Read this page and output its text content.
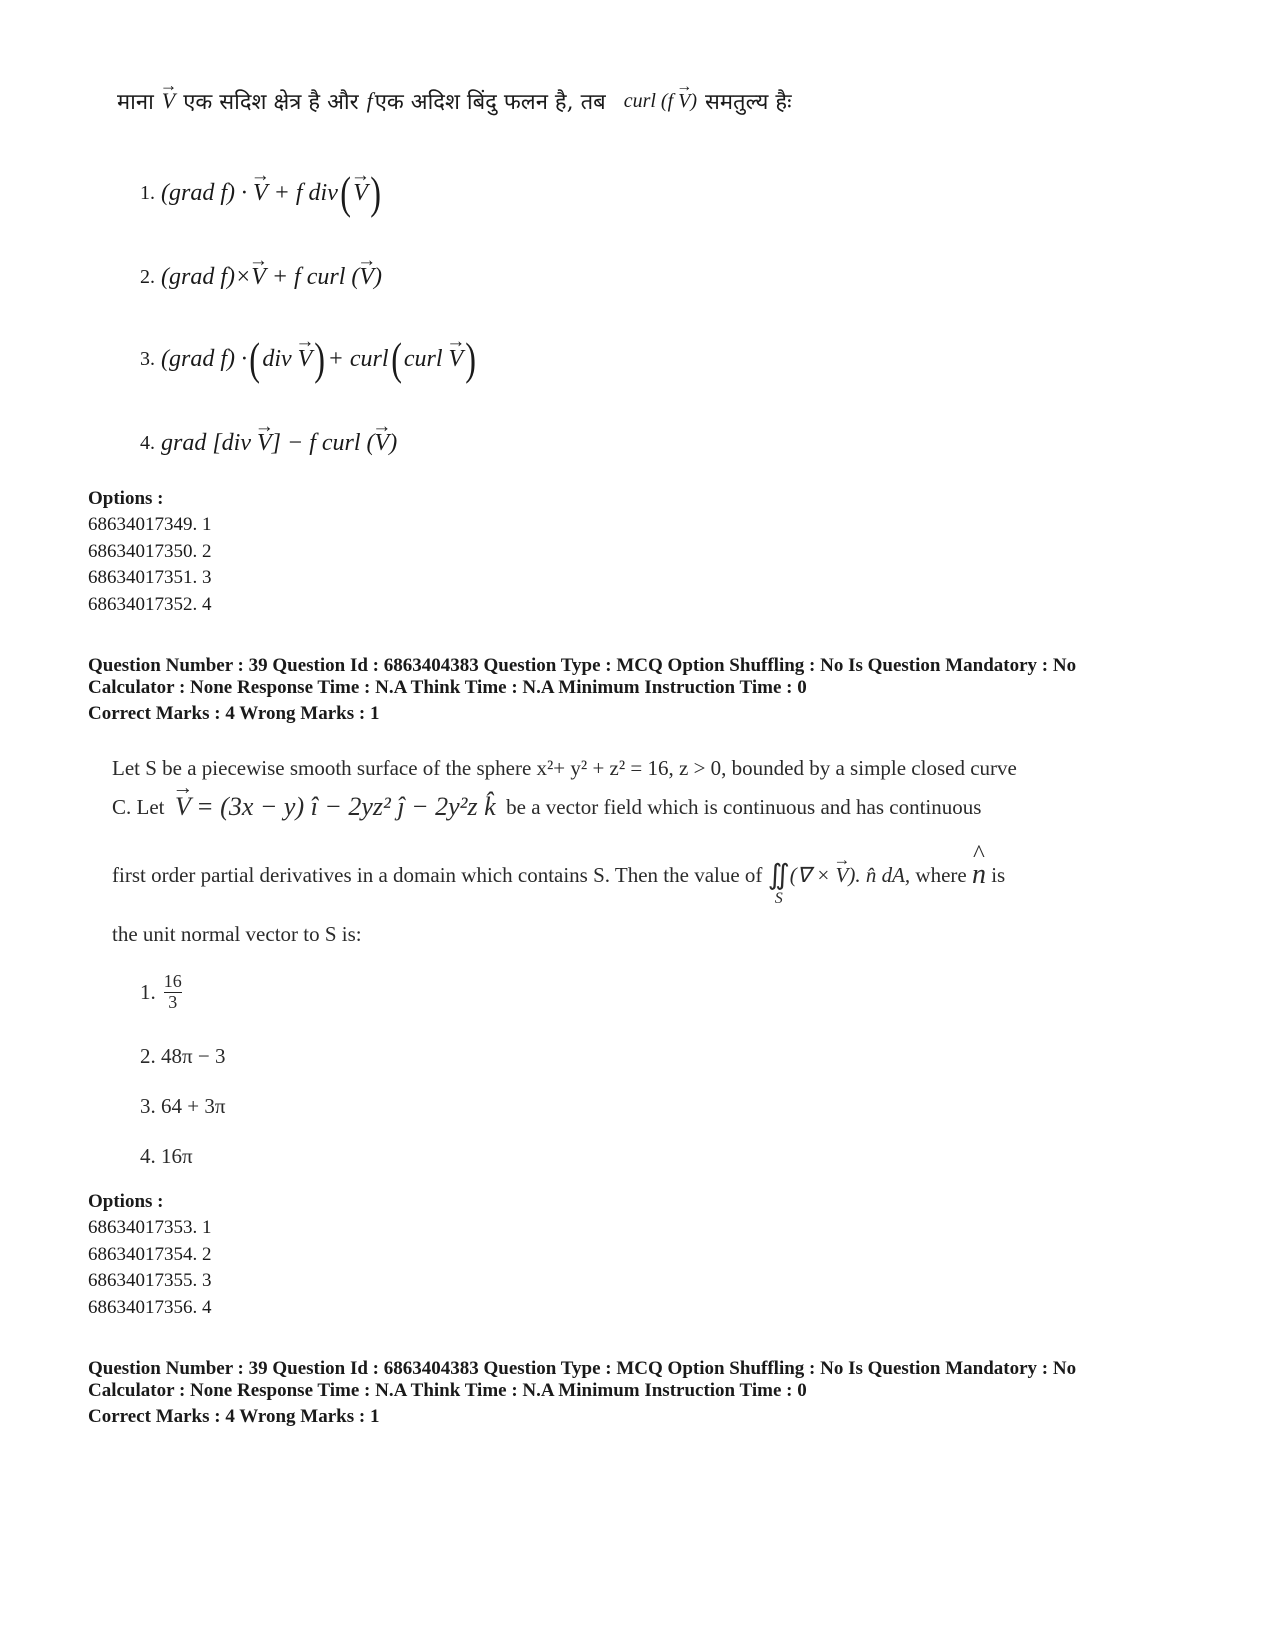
माना → V एक सदिश क्षेत्र है और f एक अदिश बिंदु फलन है, तब curl (f → V) समतुल्य हैः
1. (grad f) ·
→ V
+ f div ( → V )
2. (grad f)× → V
+ f curl ( → V )
3. (grad f) · ( div
→ V ) + curl ( curl
→ V )
4. grad [div
→ V ] − f curl ( → V )
Options :
68634017349. 1
68634017350. 2
68634017351. 3
68634017352. 4
Question Number : 39 Question Id : 6863404383 Question Type : MCQ Option Shuffling : No Is Question Mandatory : No
Calculator : None Response Time : N.A Think Time : N.A Minimum Instruction Time : 0
Correct Marks : 4 Wrong Marks : 1
Let S be a piecewise smooth surface of the sphere x²+ y² + z² = 16, z > 0, bounded by a simple closed curve
C. Let
→ V
= (3x − y) î − 2yz² ĵ − 2y²z k̂
be a vector field which is continuous and has continuous
first order partial derivatives in a domain which contains S. Then the value of
∬
S
(∇ ×
→ V ). n̂ dA,
where
^ n
is
the unit normal vector to S is:
1. $\frac{16}{3}$
2. 48π − 3
3. 64 + 3π
4. 16π
Options :
68634017353. 1
68634017354. 2
68634017355. 3
68634017356. 4
Question Number : 39 Question Id : 6863404383 Question Type : MCQ Option Shuffling : No Is Question Mandatory : No
Calculator : None Response Time : N.A Think Time : N.A Minimum Instruction Time : 0
Correct Marks : 4 Wrong Marks : 1
